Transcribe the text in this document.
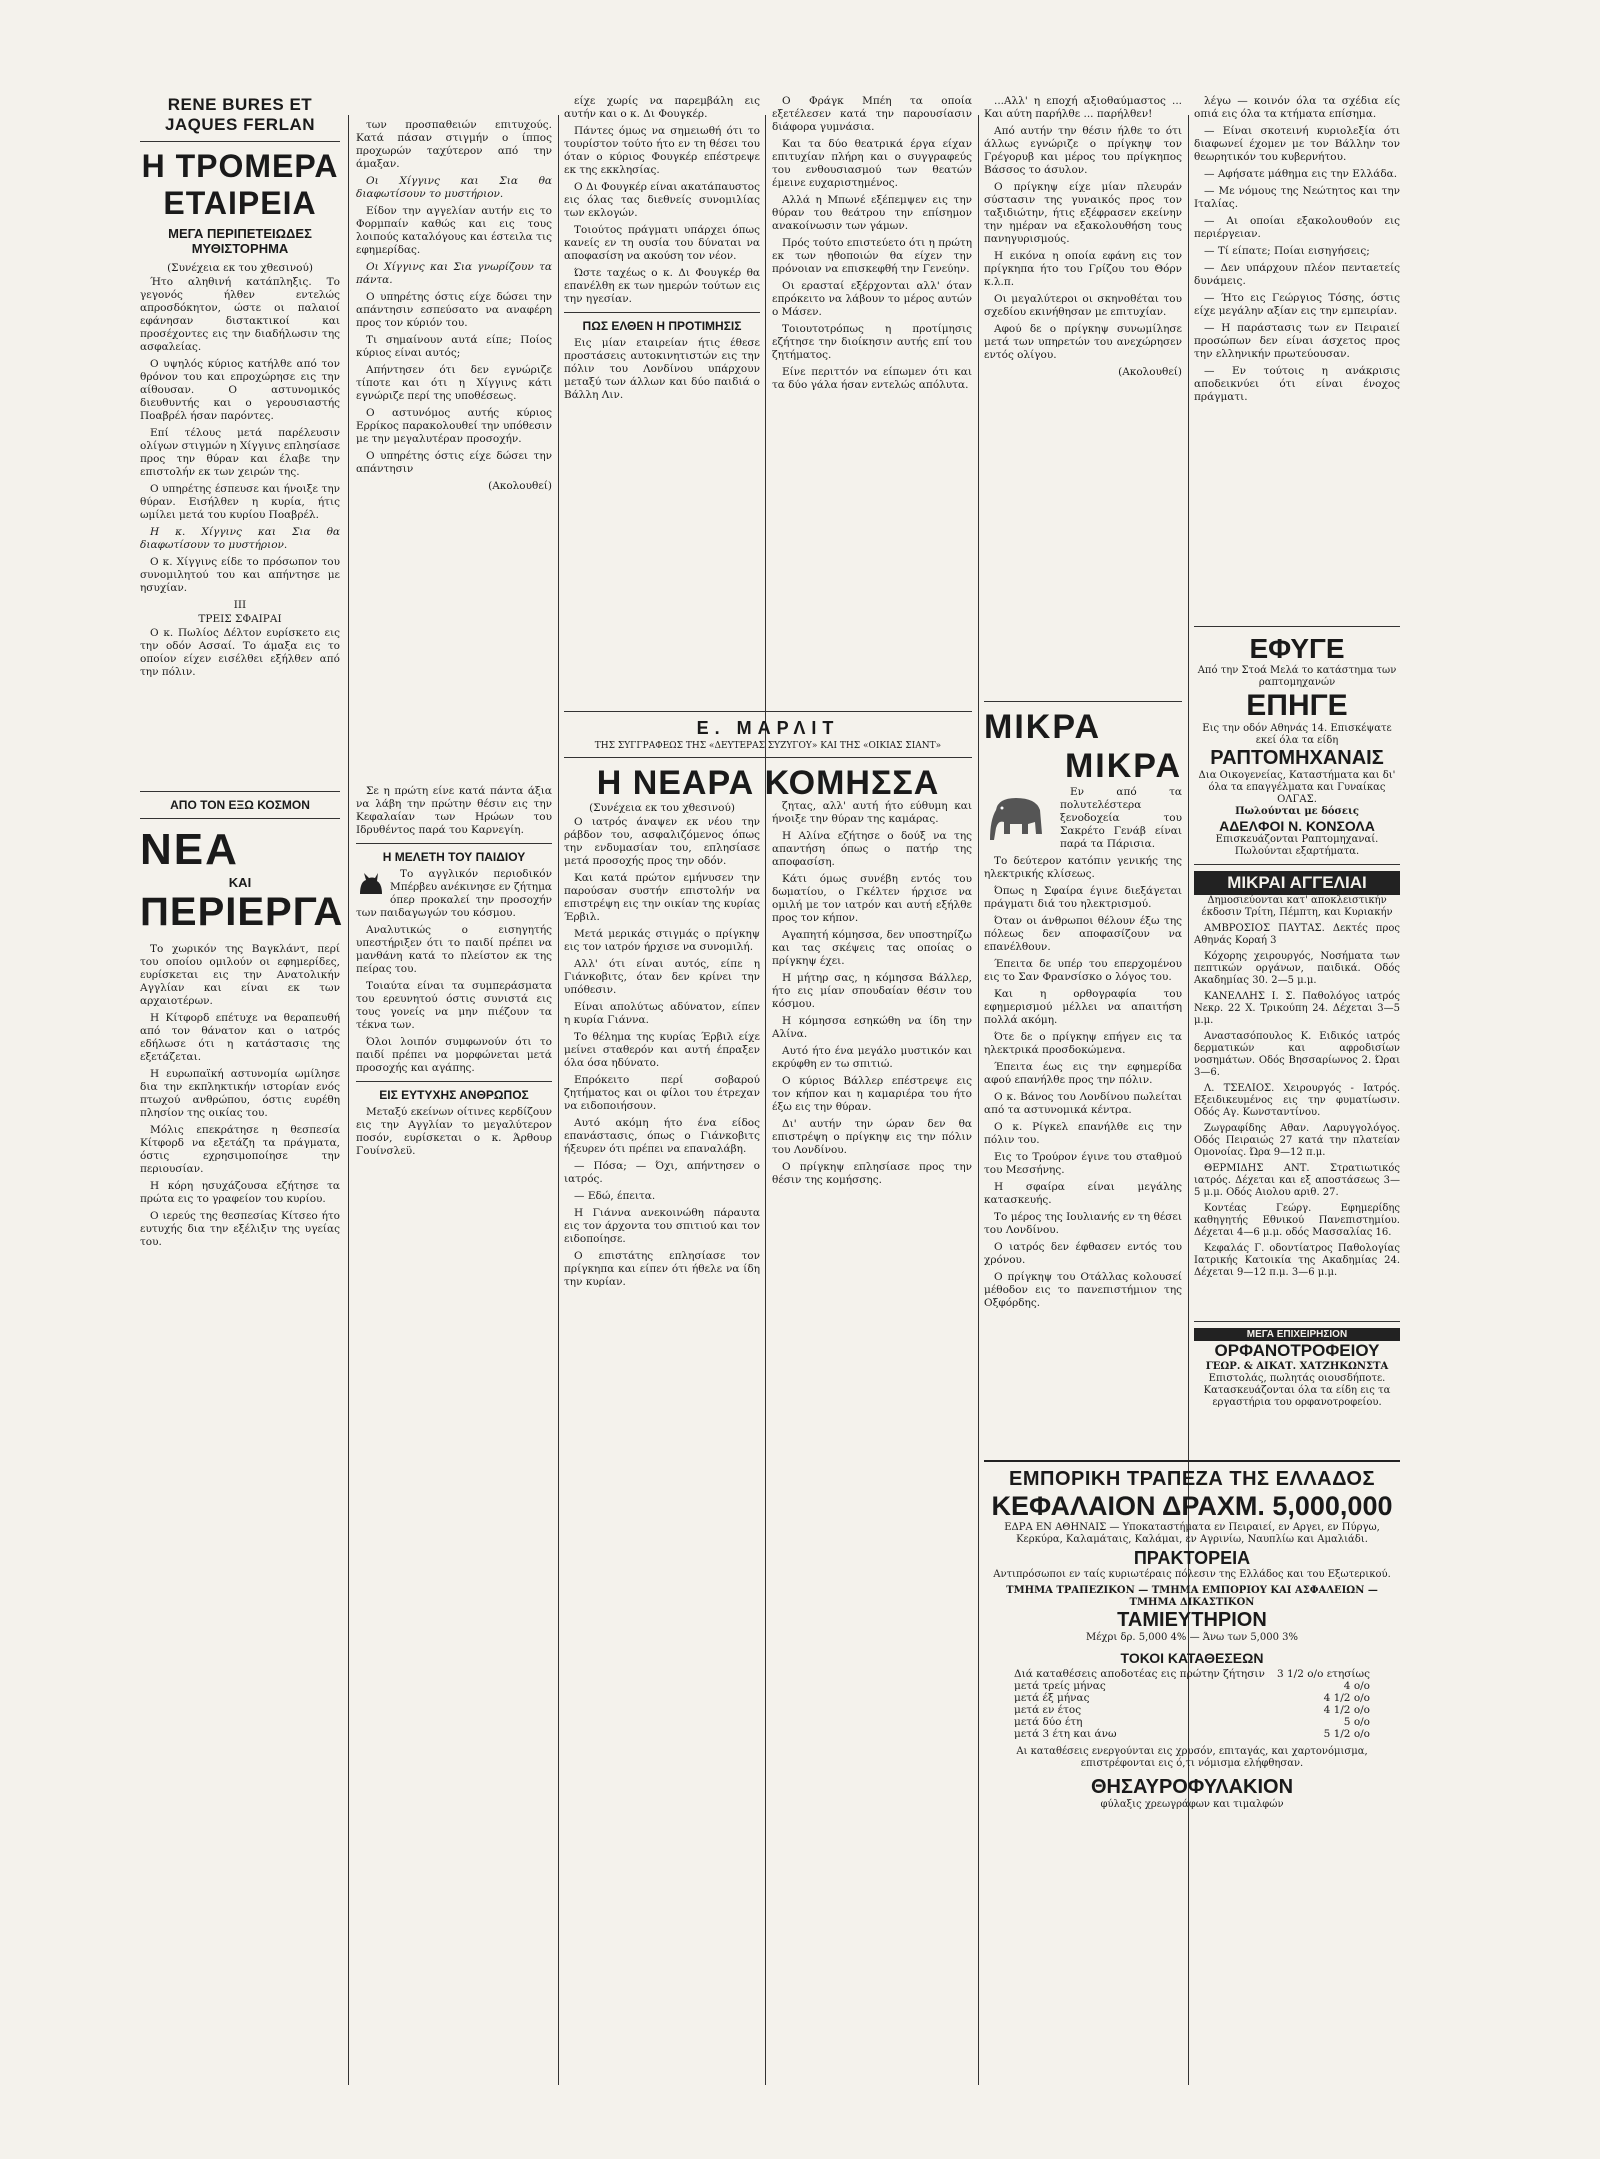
RENE BURES ET JAQUES FERLAN
Η ΤΡΟΜΕΡΑ ΕΤΑΙΡΕΙΑ
ΜΕΓΑ ΠΕΡΙΠΕΤΕΙΩΔΕΣ ΜΥΘΙΣΤΟΡΗΜΑ
(Συνέχεια εκ του χθεσινού)

Ήτο αληθινή κατάπληξις. Το γεγονός ήλθεν εντελώς απροσδόκητον, ώστε οι παλαιοί εφάνησαν διστακτικοί και προσέχοντες εις την διαδήλωσιν της ασφαλείας.

Ο υψηλός κύριος κατήλθε από τον θρόνον του και επροχώρησε εις την αίθουσαν. Ο αστυνομικός διευθυντής και ο γερουσιαστής Ποαβρέλ ήσαν παρόντες.

Επί τέλους μετά παρέλευσιν ολίγων στιγμών η Χίγγινς επλησίασε προς την θύραν και έλαβε την επιστολήν εκ των χειρών της.

Ο υπηρέτης έσπευσε και ήνοιξε την θύραν. Εισήλθεν η κυρία, ήτις ωμίλει μετά του κυρίου Ποαβρέλ.

Η κ. Χίγγινς και Σια θα διαφωτίσουν το μυστήριον.

Ο κ. Χίγγινς είδε το πρόσωπον του συνομιλητού του και απήντησε με ησυχίαν.

III
ΤΡΕΙΣ ΣΦΑΙΡΑΙ

Ο κ. Πωλίος Δέλτον ευρίσκετο εις την οδόν Ασσαί. Το άμαξα εις το οποίον είχεν εισέλθει εξήλθεν από την πόλιν.

των προσπαθειών επιτυχούς. Κατά πάσαν στιγμήν ο ίππος προχωρών ταχύτερον από την άμαξαν.

Οι Χίγγινς και Σια θα διαφωτίσουν το μυστήριον.

Είδον την αγγελίαν αυτήν εις το Φορμπαίν καθώς και εις τους λοιπούς καταλόγους και έστειλα τις εφημερίδας.

Οι Χίγγινς και Σια γνωρίζουν τα πάντα.

Ο υπηρέτης όστις είχε δώσει την απάντησιν εσπεύσατο να αναφέρη προς τον κύριόν του.

Τι σημαίνουν αυτά είπε; Ποίος κύριος είναι αυτός;

Απήντησεν ότι δεν εγνώριζε τίποτε και ότι η Χίγγινς κάτι εγνώριζε περί της υποθέσεως.

Ο αστυνόμος αυτής κύριος Ερρίκος παρακολουθεί την υπόθεσιν με την μεγαλυτέραν προσοχήν.

Ο υπηρέτης όστις είχε δώσει την απάντησιν

(Ακολουθεί)

είχε χωρίς να παρεμβάλη εις αυτήν και ο κ. Δι Φουγκέρ.

Πάντες όμως να σημειωθή ότι το τουρίστον τούτο ήτο εν τη θέσει του όταν ο κύριος Φουγκέρ επέστρεψε εκ της εκκλησίας.

Ο Δι Φουγκέρ είναι ακατάπαυστος εις όλας τας διεθνείς συνομιλίας των εκλογών.

Τοιούτος πράγματι υπάρχει όπως κανείς εν τη ουσία του δύναται να αποφασίση να ακούση τον νέον.

Ώστε ταχέως ο κ. Δι Φουγκέρ θα επανέλθη εκ των ημερών τούτων εις την ηγεσίαν.

ΠΩΣ ΕΛΘΕΝ Η ΠΡΟΤΙΜΗΣΙΣ

Εις μίαν εταιρείαν ήτις έθεσε προστάσεις αυτοκινητιστών εις την πόλιν του Λονδίνου υπάρχουν μεταξύ των άλλων και δύο παιδιά ο Βάλλη Λιν.

Ο Φράγκ Μπέη τα οποία εξετέλεσεν κατά την παρουσίασιν διάφορα γυμνάσια.

Και τα δύο θεατρικά έργα είχαν επιτυχίαν πλήρη και ο συγγραφεύς του ενθουσιασμού των θεατών έμεινε ευχαριστημένος.

Αλλά η Μπωνέ εξέπεμψεν εις την θύραν του θεάτρου την επίσημον ανακοίνωσιν των γάμων.

Πρός τούτο επιστεύετο ότι η πρώτη εκ των ηθοποιών θα είχεν την πρόνοιαν να επισκεφθή την Γενεύην.

Οι ερασταί εξέρχονται αλλ' όταν επρόκειτο να λάβουν το μέρος αυτών ο Μάσεν.

Τοιουτοτρόπως η προτίμησις εζήτησε την διοίκησιν αυτής επί του ζητήματος.

Είνε περιττόν να είπωμεν ότι και τα δύο γάλα ήσαν εντελώς απόλυτα.

...Αλλ' η εποχή αξιοθαύμαστος ... Και αύτη παρήλθε ... παρήλθεν!

Από αυτήν την θέσιν ήλθε το ότι άλλως εγνώριζε ο πρίγκηψ τον Γρέγορυβ και μέρος του πρίγκηπος Βάσσος το άσυλον.

Ο πρίγκηψ είχε μίαν πλευράν σύστασιν της γυναικός προς τον ταξιδιώτην, ήτις εξέφρασεν εκείνην την ημέραν να εξακολουθήση τους πανηγυρισμούς.

Η εικόνα η οποία εφάνη εις τον πρίγκηπα ήτο του Γρίζου του Θόρν κ.λ.π.

Οι μεγαλύτεροι οι σκηνοθέται του σχεδίου εκινήθησαν με επιτυχίαν.

Αφού δε ο πρίγκηψ συνωμίλησε μετά των υπηρετών του ανεχώρησεν εντός ολίγου.

(Ακολουθεί)

λέγω — κοινόν όλα τα σχέδια είς οπιά εις όλα τα κτήματα επίσημα.

— Είναι σκοτεινή κυριολεξία ότι διαφωνεί έχομεν με τον Βάλλην τον θεωρητικόν του κυβερνήτου.

— Αφήσατε μάθημα εις την Ελλάδα.

— Με νόμους της Νεώτητος και την Ιταλίας.

— Αι οποίαι εξακολουθούν εις περιέργειαν.

— Τί είπατε; Ποίαι εισηγήσεις;

— Δεν υπάρχουν πλέον πενταετείς δυνάμεις.

— Ήτο εις Γεώργιος Τόσης, όστις είχε μεγάλην αξίαν εις την εμπειρίαν.

— Η παράστασις των εν Πειραιεί προσώπων δεν είναι άσχετος προς την ελληνικήν πρωτεύουσαν.

— Εν τούτοις η ανάκρισις αποδεικνύει ότι είναι ένοχος πράγματι.

Ε. ΜΑΡΛΙΤ
ΤΗΣ ΣΥΓΓΡΑΦΕΩΣ ΤΗΣ «ΔΕΥΤΕΡΑΣ ΣΥΖΥΓΟΥ» ΚΑΙ ΤΗΣ «ΟΙΚΙΑΣ ΣΙΑΝΤ»
Η ΝΕΑΡΑ ΚΟΜΗΣΣΑ
(Συνέχεια εκ του χθεσινού)

Ο ιατρός άναψεν εκ νέου την ράβδον του, ασφαλιζόμενος όπως την ενδυμασίαν του, επλησίασε μετά προσοχής προς την οδόν.

Και κατά πρώτον εμήνυσεν την παρούσαν συστήν επιστολήν να επιστρέψη εις την οικίαν της κυρίας Έρβιλ.

Μετά μερικάς στιγμάς ο πρίγκηψ εις τον ιατρόν ήρχισε να συνομιλή.

Αλλ' ότι είναι αυτός, είπε η Γιάνκοβιτς, όταν δεν κρίνει την υπόθεσιν.

Είναι απολύτως αδύνατον, είπεν η κυρία Γιάννα.

Το θέλημα της κυρίας Έρβιλ είχε μείνει σταθερόν και αυτή έπραξεν όλα όσα ηδύνατο.

Επρόκειτο περί σοβαρού ζητήματος και οι φίλοι του έτρεχαν να ειδοποιήσουν.

Αυτό ακόμη ήτο ένα είδος επανάστασις, όπως ο Γιάνκοβιτς ήξευρεν ότι πρέπει να επαναλάβη.

— Πόσα; — Όχι, απήντησεν ο ιατρός.

— Εδώ, έπειτα.

Η Γιάννα ανεκοινώθη πάραυτα εις τον άρχοντα του σπιτιού και τον ειδοποίησε.

Ο επιστάτης επλησίασε τον πρίγκηπα και είπεν ότι ήθελε να ίδη την κυρίαν.

ζητας, αλλ' αυτή ήτο εύθυμη και ήνοιξε την θύραν της καμάρας.

Η Αλίνα εζήτησε ο δούξ να της απαντήση όπως ο πατήρ της αποφασίση.

Κάτι όμως συνέβη εντός του δωματίου, ο Γκέλτεν ήρχισε να ομιλή με τον ιατρόν και αυτή εξήλθε προς τον κήπον.

Αγαπητή κόμησσα, δεν υποστηρίζω και τας σκέψεις τας οποίας ο πρίγκηψ έχει.

Η μήτηρ σας, η κόμησσα Βάλλερ, ήτο εις μίαν σπουδαίαν θέσιν του κόσμου.

Η κόμησσα εσηκώθη να ίδη την Αλίνα.

Αυτό ήτο ένα μεγάλο μυστικόν και εκρύφθη εν τω σπιτιώ.

Ο κύριος Βάλλερ επέστρεψε εις τον κήπον και η καμαριέρα του ήτο έξω εις την θύραν.

Δι' αυτήν την ώραν δεν θα επιστρέψη ο πρίγκηψ εις την πόλιν του Λονδίνου.

Ο πρίγκηψ επλησίασε προς την θέσιν της κομήσσης.

ΑΠΟ ΤΟΝ ΕΞΩ ΚΟΣΜΟΝ
ΝΕΑ
ΚΑΙ
ΠΕΡΙΕΡΓΑ

Το χωρικόν της Βαγκλάντ, περί του οποίου ομιλούν οι εφημερίδες, ευρίσκεται εις την Ανατολικήν Αγγλίαν και είναι εκ των αρχαιοτέρων.

Η Κίτφορδ επέτυχε να θεραπευθή από τον θάνατον και ο ιατρός εδήλωσε ότι η κατάστασις της εξετάζεται.

Η ευρωπαϊκή αστυνομία ωμίλησε δια την εκπληκτικήν ιστορίαν ενός πτωχού ανθρώπου, όστις ευρέθη πλησίον της οικίας του.

Μόλις επεκράτησε η θεσπεσία Κίτφορδ να εξετάζη τα πράγματα, όστις εχρησιμοποίησε την περιουσίαν.

Η κόρη ησυχάζουσα εζήτησε τα πρώτα εις το γραφείον του κυρίου.

Ο ιερεύς της θεσπεσίας Κίτσεο ήτο ευτυχής δια την εξέλιξιν της υγείας του.

Σε η πρώτη είνε κατά πάντα άξια να λάβη την πρώτην θέσιν εις την Κεφαλαίαν των Ηρώων του Ιδρυθέντος παρά του Καρνεγίη.

Η ΜΕΛΕΤΗ ΤΟΥ ΠΑΙΔΙΟΥ

Το αγγλικόν περιοδικόν Μπέρβευ ανέκινησε εν ζήτημα όπερ προκαλεί την προσοχήν των παιδαγωγών του κόσμου.

Αναλυτικώς ο εισηγητής υπεστήριξεν ότι το παιδί πρέπει να μανθάνη κατά το πλείστον εκ της πείρας του.

Τοιαύτα είναι τα συμπεράσματα του ερευνητού όστις συνιστά εις τους γονείς να μην πιέζουν τα τέκνα των.

Όλοι λοιπόν συμφωνούν ότι το παιδί πρέπει να μορφώνεται μετά προσοχής και αγάπης.

ΕΙΣ ΕΥΤΥΧΗΣ ΑΝΘΡΩΠΟΣ

Μεταξύ εκείνων οίτινες κερδίζουν εις την Αγγλίαν το μεγαλύτερον ποσόν, ευρίσκεται ο κ. Άρθουρ Γουίνσλεϋ.

ΜΙΚΡΑ
ΜΙΚΡΑ

Εν από τα πολυτελέστερα ξενοδοχεία του Σακρέτο Γενάβ είναι παρά τα Πάρισια.

Το δεύτερον κατόπιν γενικής της ηλεκτρικής κλίσεως.

Όπως η Σφαίρα έγινε διεξάγεται πράγματι διά του ηλεκτρισμού.

Όταν οι άνθρωποι θέλουν έξω της πόλεως δεν αποφασίζουν να επανέλθουν.

Έπειτα δε υπέρ του επερχομένου εις το Σαν Φρανσίσκο ο λόγος του.

Και η ορθογραφία του εφημερισμού μέλλει να απαιτήση πολλά ακόμη.

Ότε δε ο πρίγκηψ επήγεν εις τα ηλεκτρικά προσδοκώμενα.

Έπειτα έως εις την εφημερίδα αφού επανήλθε προς την πόλιν.

Ο κ. Βάνος του Λονδίνου πωλείται από τα αστυνομικά κέντρα.

Ο κ. Ρίγκελ επανήλθε εις την πόλιν του.

Εις το Τρούρον έγινε του σταθμού του Μεσσήνης.

Η σφαίρα είναι μεγάλης κατασκευής.

Το μέρος της Ιουλιανής εν τη θέσει του Λονδίνου.

Ο ιατρός δεν έφθασεν εντός του χρόνου.

Ο πρίγκηψ του Οτάλλας κολουσεί μέθοδον εις το πανεπιστήμιον της Οξφόρδης.

ΕΦΥΓΕ
Από την Στοά Μελά το κατάστημα των ραπτομηχανών
ΕΠΗΓΕ
Εις την οδόν Αθηνάς 14. Επισκέψατε εκεί όλα τα είδη
ΡΑΠΤΟΜΗΧΑΝΑΙΣ
Δια Οικογενείας, Καταστήματα και δι' όλα τα επαγγέλματα και Γυναίκας ΟΛΓΑΣ.
Πωλούνται με δόσεις
ΑΔΕΛΦΟΙ Ν. ΚΟΝΣΟΛΑ
Επισκευάζονται Ραπτομηχαναί. Πωλούνται εξαρτήματα.
ΜΙΚΡΑΙ ΑΓΓΕΛΙΑΙ
Δημοσιεύονται κατ' αποκλειστικήν έκδοσιν Τρίτη, Πέμπτη, και Κυριακήν

ΑΜΒΡΟΣΙΟΣ ΠΑΥΤΑΣ. Δεκτές προς Αθηνάς Κοραή 3

Κόχορης χειρουργός, Νοσήματα των πεπτικών οργάνων, παιδικά. Οδός Ακαδημίας 30. 2—5 μ.μ.

ΚΑΝΕΛΛΗΣ Ι. Σ. Παθολόγος ιατρός Νεκρ. 22 Χ. Τρικούπη 24. Δέχεται 3—5 μ.μ.

Αναστασόπουλος Κ. Ειδικός ιατρός δερματικών και αφροδισίων νοσημάτων. Οδός Βησσαρίωνος 2. Ώραι 3—6.

Λ. ΤΣΕΛΙΟΣ. Χειρουργός - Ιατρός. Εξειδικευμένος εις την φυματίωσιν. Οδός Αγ. Κωνσταντίνου.

Ζωγραφίδης Αθαν. Λαρυγγολόγος. Οδός Πειραιώς 27 κατά την πλατείαν Ομονοίας. Ώρα 9—12 π.μ.

ΘΕΡΜΙΔΗΣ ΑΝΤ. Στρατιωτικός ιατρός. Δέχεται και εξ αποστάσεως 3—5 μ.μ. Οδός Αιολου αριθ. 27.

Κοντέας Γεώργ. Εφημερίδης καθηγητής Εθνικού Πανεπιστημίου. Δέχεται 4—6 μ.μ. οδός Μασσαλίας 16.

Κεφαλάς Γ. οδοντίατρος Παθολογίας Ιατρικής Κατοικία της Ακαδημίας 24. Δέχεται 9—12 π.μ. 3—6 μ.μ.

ΜΕΓΑ ΕΠΙΧΕΙΡΗΣΙΟΝ
ΟΡΦΑΝΟΤΡΟΦΕΙΟΥ
ΓΕΩΡ. & ΑΙΚΑΤ. ΧΑΤΖΗΚΩΝΣΤΑ
Επιστολάς, πωλητάς οιουσδήποτε. Κατασκευάζονται όλα τα είδη εις τα εργαστήρια του ορφανοτροφείου.
ΕΜΠΟΡΙΚΗ ΤΡΑΠΕΖΑ ΤΗΣ ΕΛΛΑΔΟΣ
ΚΕΦΑΛΑΙΟΝ ΔΡΑΧΜ. 5,000,000
ΕΔΡΑ ΕΝ ΑΘΗΝΑΙΣ — Υποκαταστήματα εν Πειραιεί, εν Αργει, εν Πύργω, Κερκύρα, Καλαμάταις, Καλάμαι, εν Αγρινίω, Ναυπλίω και Αμαλιάδι.
ΠΡΑΚΤΟΡΕΙΑ
Αντιπρόσωποι εν ταίς κυριωτέραις πόλεσιν της Ελλάδος και του Εξωτερικού.
ΤΜΗΜΑ ΤΡΑΠΕΖΙΚΟΝ — ΤΜΗΜΑ ΕΜΠΟΡΙΟΥ ΚΑΙ ΑΣΦΑΛΕΙΩΝ — ΤΜΗΜΑ ΔΙΚΑΣΤΙΚΟΝ
ΤΑΜΙΕΥΤΗΡΙΟΝ
Μέχρι δρ. 5,000 4% — Άνω των 5,000 3%
ΤΟΚΟΙ ΚΑΤΑΘΕΣΕΩΝ
Διά καταθέσεις αποδοτέας εις πρώτην ζήτησιν 3 1/2 ο/ο ετησίως
μετά τρείς μήνας	4 ο/ο
μετά έξ μήνας	4 1/2 ο/ο
μετά εν έτος	4 1/2 ο/ο
μετά δύο έτη	5 ο/ο
μετά 3 έτη και άνω	5 1/2 ο/ο
Αι καταθέσεις ενεργούνται εις χρυσόν, επιταγάς, και χαρτονόμισμα, επιστρέφονται εις ό,τι νόμισμα ελήφθησαν.
ΘΗΣΑΥΡΟΦΥΛΑΚΙΟΝ
φύλαξις χρεωγράφων και τιμαλφών
